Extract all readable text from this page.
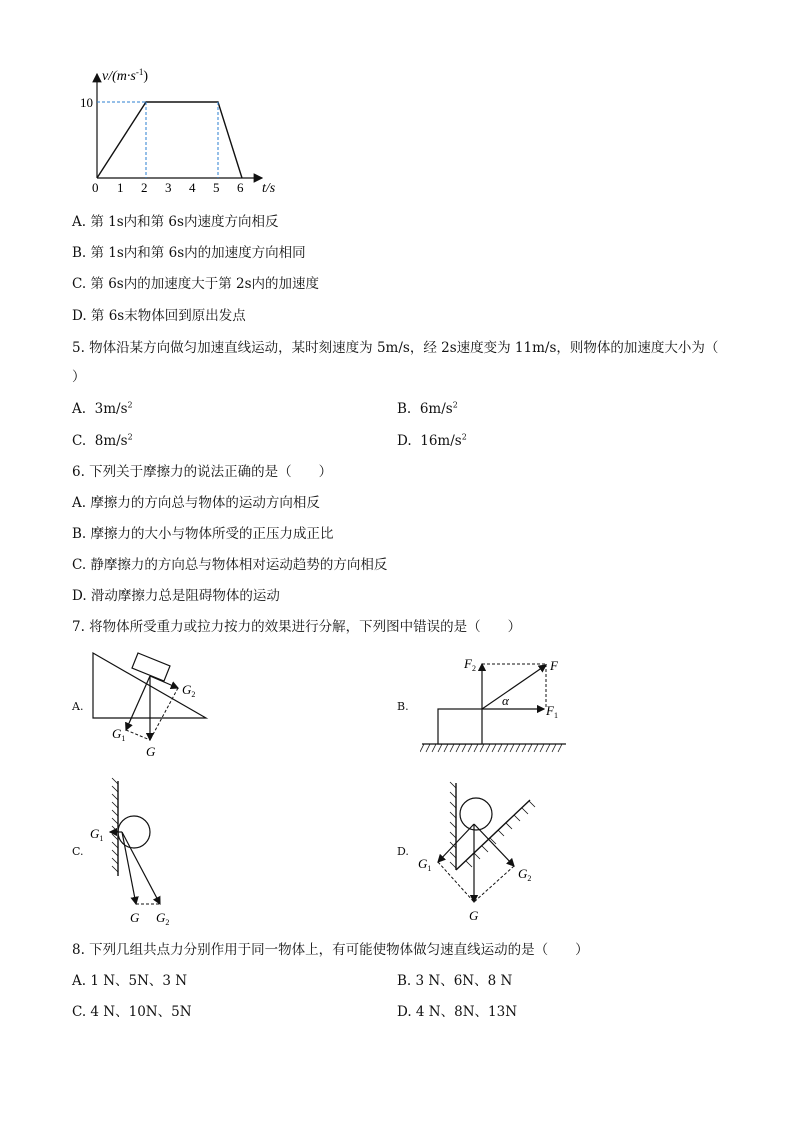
$v/(m\cdot s^{-1})$
10
0 1 2 3 4 5 6 t/s
A. 第 1s内和第 6s内速度方向相反
B. 第 1s内和第 6s内的加速度方向相同
C. 第 6s内的加速度大于第 2s内的加速度
D. 第 6s末物体回到原出发点
5. 物体沿某方向做匀加速直线运动，某时刻速度为 5m/s，经 2s速度变为 11m/s，则物体的加速度大小为（
）
A. $3m/s^2$	B. $6m/s^2$
C. $8m/s^2$	D. $16m/s^2$
6. 下列关于摩擦力的说法正确的是（　　）
A. 摩擦力的方向总与物体的运动方向相反
B. 摩擦力的大小与物体所受的正压力成正比
C. 静摩擦力的方向总与物体相对运动趋势的方向相反
D. 滑动摩擦力总是阻碍物体的运动
7. 将物体所受重力或拉力按力的效果进行分解，下列图中错误的是（　　）
A.	B.
C.	D.
$G_2$
$G_1$
G
$F_2$	F
α
$F_1$
$G_1$
G $G_2$
$G_1$	$G_2$
G
8. 下列几组共点力分别作用于同一物体上，有可能使物体做匀速直线运动的是（　　）
A. 1 N、5N、3 N	B. 3 N、6N、8 N
C. 4 N、10N、5N	D. 4 N、8N、13N
